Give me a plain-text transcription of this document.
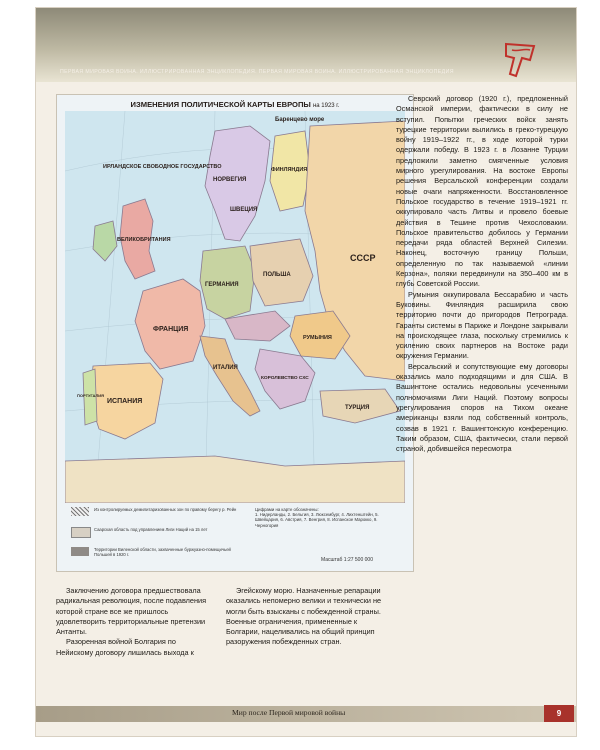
ПЕРВАЯ МИРОВАЯ ВОЙНА. ИЛЛЮСТРИРОВАННАЯ ЭНЦИКЛОПЕДИЯ. ПЕРВАЯ МИРОВАЯ ВОЙНА. ИЛЛЮСТРИРОВАННАЯ ЭНЦИКЛОПЕДИЯ
ИЗМЕНЕНИЯ ПОЛИТИЧЕСКОЙ КАРТЫ ЕВРОПЫ на 1923 г.
Баренцево море
ИРЛАНДСКОЕ СВОБОДНОЕ ГОСУДАРСТВО
ВЕЛИКОБРИТАНИЯ
НОРВЕГИЯ
ШВЕЦИЯ
ФИНЛЯНДИЯ
СССР
ГЕРМАНИЯ
ПОЛЬША
ФРАНЦИЯ
РУМЫНИЯ
ИСПАНИЯ
ПОРТУГАЛИЯ
ИТАЛИЯ
КОРОЛЕВСТВО СХС
ТУРЦИЯ
Из контролируемых демилитаризованных зон по правому берегу р. Рейн
Саарская область под управлением Лиги Наций на 15 лет
Территории Виленской области, захваченные буржуазно-помещичьей Польшей в 1920 г.
Цифрами на карте обозначены:
1. Нидерланды, 2. Бельгия, 3. Люксембург, 4. Лихтенштейн, 5. Швейцария, 6. Австрия, 7. Венгрия, 8. Испанское Марокко, 9. Черногория
Масштаб 1:27 500 000

Севрский договор (1920 г.), предложенный Османской империи, фактически в силу не вступил. Попытки греческих войск занять турецкие территории вылились в греко-турецкую войну 1919–1922 гг., в ходе которой турки одержали победу. В 1923 г. в Лозанне Турции предложили заметно смягченные условия мирного урегулирования. На востоке Европы решения Версальской конференции создали новые очаги напряженности. Восстановленное Польское государство в течение 1919–1921 гг. оккупировало часть Литвы и провело боевые действия в Тешине против Чехословакии. Польское правительство добилось у Германии передачи ряда областей Верхней Силезии. Наконец, восточную границу Польши, определенную по так называемой «линии Керзона», поляки передвинули на 350–400 км в глубь Советской России.

Румыния оккупировала Бессарабию и часть Буковины. Финляндия расширила свою территорию почти до пригородов Петрограда. Гаранты системы в Париже и Лондоне закрывали на происходящее глаза, поскольку стремились к усилению своих партнеров на Востоке ради окружения Германии.

Версальский и сопутствующие ему договоры оказались мало подходящими и для США. В Вашингтоне остались недовольны усеченными полномочиями Лиги Наций. Поэтому вопросы урегулирования споров на Тихом океане американцы взяли под собственный контроль, созвав в 1921 г. Вашингтонскую конференцию. Таким образом, США, фактически, стали первой страной, добившейся пересмотра

Заключению договора предшествовала радикальная революция, после подавления которой стране все же пришлось удовлетворить территориальные претензии Антанты.

Разоренная войной Болгария по Нейискому договору лишилась выхода к

Эгейскому морю. Назначенные репарации оказались непомерно велики и технически не могли быть взысканы с побежденной страны. Военные ограничения, примененные к Болгарии, нацеливались на общий принцип разоружения побежденных стран.

Мир после Первой мировой войны	9
